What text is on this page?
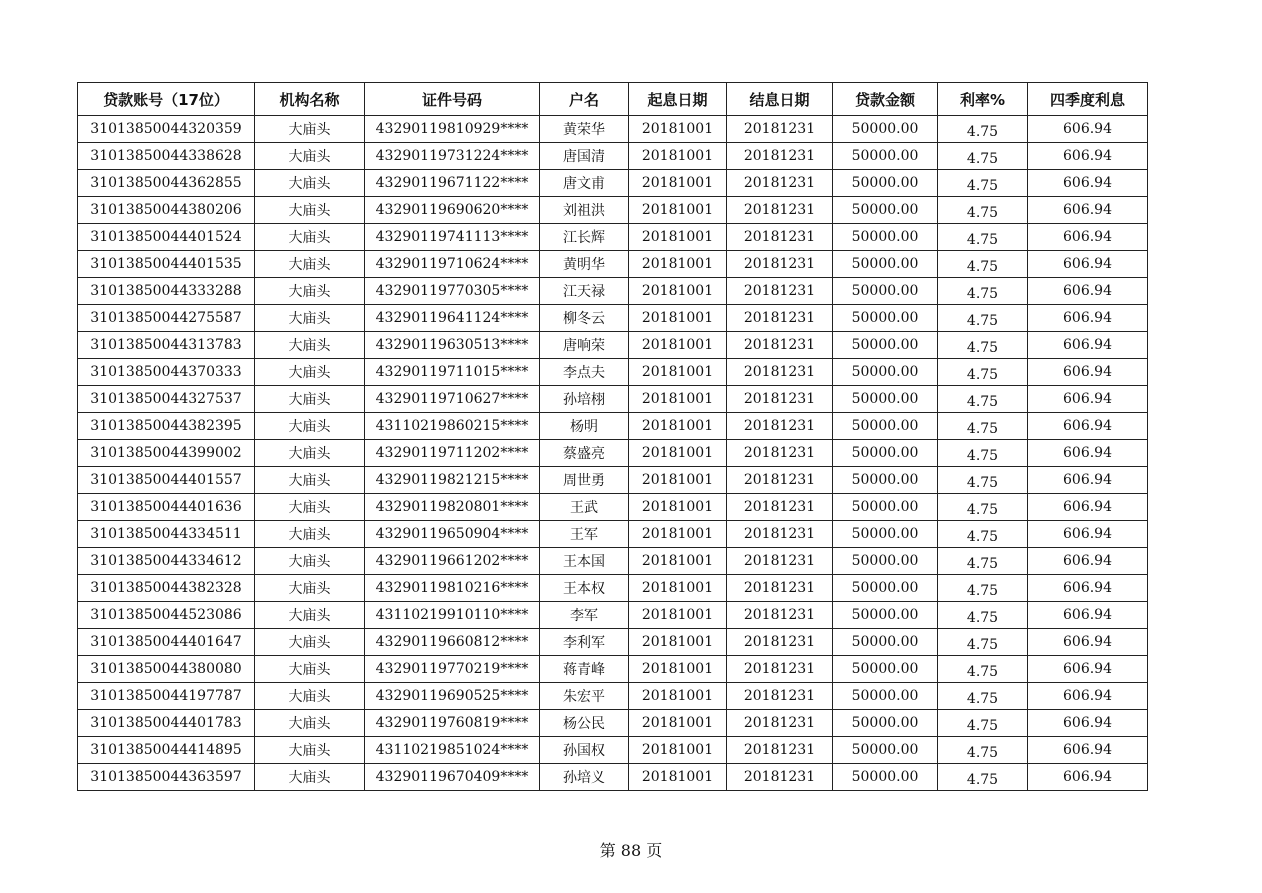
贷款账号（17位）	机构名称	证件号码	户名	起息日期	结息日期	贷款金额	利率%	四季度利息
31013850044320359	大庙头	43290119810929****	黄荣华	20181001	20181231	50000.00	4.75	606.94
31013850044338628	大庙头	43290119731224****	唐国清	20181001	20181231	50000.00	4.75	606.94
31013850044362855	大庙头	43290119671122****	唐文甫	20181001	20181231	50000.00	4.75	606.94
31013850044380206	大庙头	43290119690620****	刘祖洪	20181001	20181231	50000.00	4.75	606.94
31013850044401524	大庙头	43290119741113****	江长辉	20181001	20181231	50000.00	4.75	606.94
31013850044401535	大庙头	43290119710624****	黄明华	20181001	20181231	50000.00	4.75	606.94
31013850044333288	大庙头	43290119770305****	江天禄	20181001	20181231	50000.00	4.75	606.94
31013850044275587	大庙头	43290119641124****	柳冬云	20181001	20181231	50000.00	4.75	606.94
31013850044313783	大庙头	43290119630513****	唐响荣	20181001	20181231	50000.00	4.75	606.94
31013850044370333	大庙头	43290119711015****	李点夫	20181001	20181231	50000.00	4.75	606.94
31013850044327537	大庙头	43290119710627****	孙培栩	20181001	20181231	50000.00	4.75	606.94
31013850044382395	大庙头	43110219860215****	杨明	20181001	20181231	50000.00	4.75	606.94
31013850044399002	大庙头	43290119711202****	蔡盛亮	20181001	20181231	50000.00	4.75	606.94
31013850044401557	大庙头	43290119821215****	周世勇	20181001	20181231	50000.00	4.75	606.94
31013850044401636	大庙头	43290119820801****	王武	20181001	20181231	50000.00	4.75	606.94
31013850044334511	大庙头	43290119650904****	王军	20181001	20181231	50000.00	4.75	606.94
31013850044334612	大庙头	43290119661202****	王本国	20181001	20181231	50000.00	4.75	606.94
31013850044382328	大庙头	43290119810216****	王本权	20181001	20181231	50000.00	4.75	606.94
31013850044523086	大庙头	43110219910110****	李军	20181001	20181231	50000.00	4.75	606.94
31013850044401647	大庙头	43290119660812****	李利军	20181001	20181231	50000.00	4.75	606.94
31013850044380080	大庙头	43290119770219****	蒋青峰	20181001	20181231	50000.00	4.75	606.94
31013850044197787	大庙头	43290119690525****	朱宏平	20181001	20181231	50000.00	4.75	606.94
31013850044401783	大庙头	43290119760819****	杨公民	20181001	20181231	50000.00	4.75	606.94
31013850044414895	大庙头	43110219851024****	孙国权	20181001	20181231	50000.00	4.75	606.94
31013850044363597	大庙头	43290119670409****	孙培义	20181001	20181231	50000.00	4.75	606.94
第 88 页
